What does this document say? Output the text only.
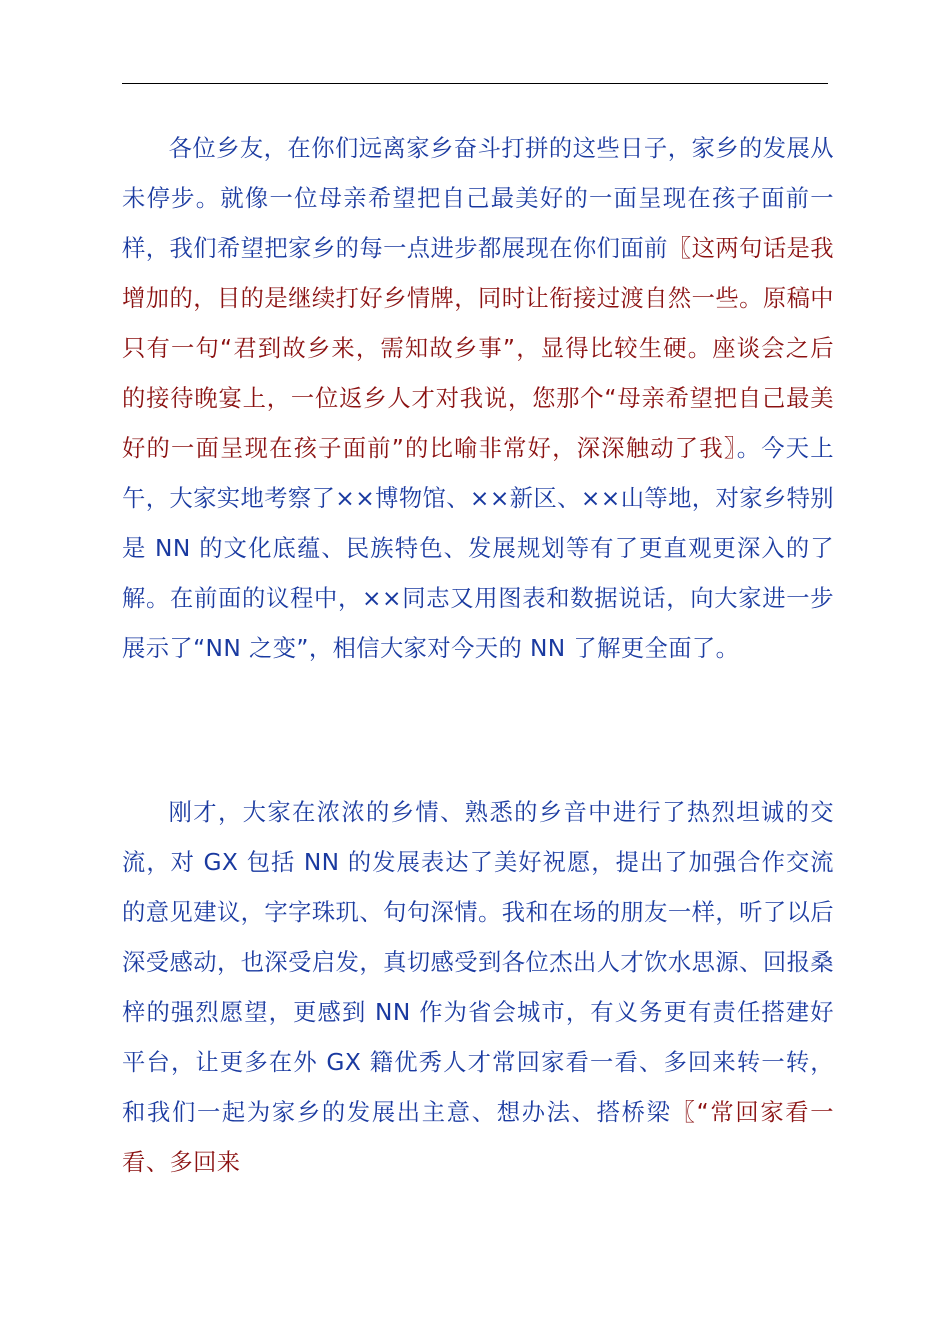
各位乡友，在你们远离家乡奋斗打拼的这些日子，家乡的发展从未停步。就像一位母亲希望把自己最美好的一面呈现在孩子面前一样，我们希望把家乡的每一点进步都展现在你们面前〖这两句话是我增加的，目的是继续打好乡情牌，同时让衔接过渡自然一些。原稿中只有一句“君到故乡来，需知故乡事”，显得比较生硬。座谈会之后的接待晚宴上，一位返乡人才对我说，您那个“母亲希望把自己最美好的一面呈现在孩子面前”的比喻非常好，深深触动了我〗。今天上午，大家实地考察了××博物馆、××新区、××山等地，对家乡特别是 NN 的文化底蕴、民族特色、发展规划等有了更直观更深入的了解。在前面的议程中，××同志又用图表和数据说话，向大家进一步展示了“NN 之变”，相信大家对今天的 NN 了解更全面了。

刚才，大家在浓浓的乡情、熟悉的乡音中进行了热烈坦诚的交流，对 GX 包括 NN 的发展表达了美好祝愿，提出了加强合作交流的意见建议，字字珠玑、句句深情。我和在场的朋友一样，听了以后深受感动，也深受启发，真切感受到各位杰出人才饮水思源、回报桑梓的强烈愿望，更感到 NN 作为省会城市，有义务更有责任搭建好平台，让更多在外 GX 籍优秀人才常回家看一看、多回来转一转，和我们一起为家乡的发展出主意、想办法、搭桥梁〖“常回家看一看、多回来
